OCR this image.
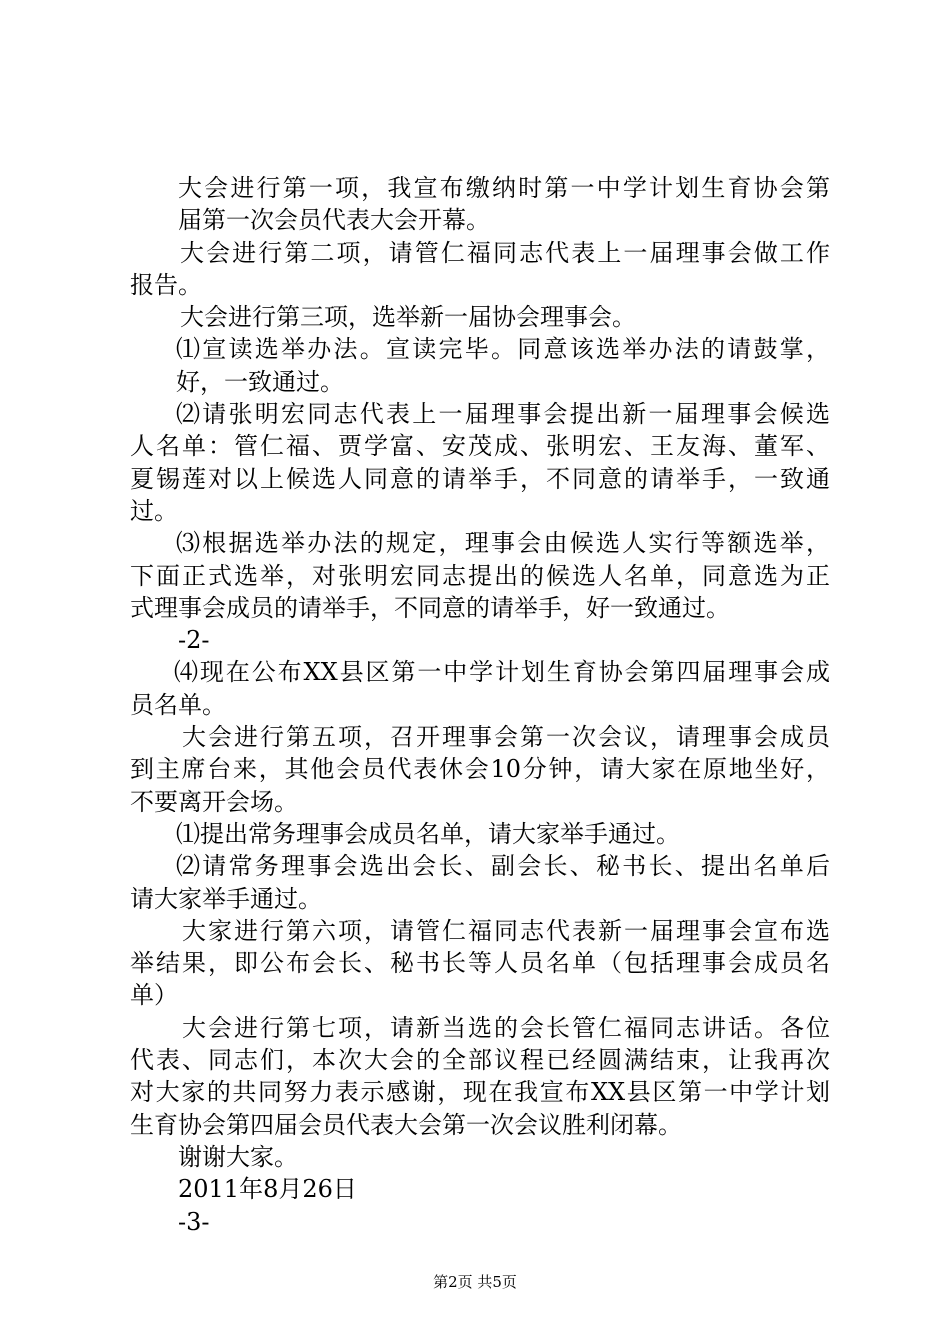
大会进行第一项，我宣布缴纳时第一中学计划生育协会第
届第一次会员代表大会开幕。
大会进行第二项，请管仁福同志代表上一届理事会做工作
报告。
大会进行第三项，选举新一届协会理事会。
⑴宣读选举办法。宣读完毕。同意该选举办法的请鼓掌，
好，一致通过。
⑵请张明宏同志代表上一届理事会提出新一届理事会候选
人名单：管仁福、贾学富、安茂成、张明宏、王友海、董军、
夏锡莲对以上候选人同意的请举手，不同意的请举手，一致通
过。
⑶根据选举办法的规定，理事会由候选人实行等额选举，
下面正式选举，对张明宏同志提出的候选人名单，同意选为正
式理事会成员的请举手，不同意的请举手，好一致通过。
-2-
⑷现在公布XX县区第一中学计划生育协会第四届理事会成
员名单。
大会进行第五项，召开理事会第一次会议，请理事会成员
到主席台来，其他会员代表休会10分钟，请大家在原地坐好，
不要离开会场。
⑴提出常务理事会成员名单，请大家举手通过。
⑵请常务理事会选出会长、副会长、秘书长、提出名单后
请大家举手通过。
大家进行第六项，请管仁福同志代表新一届理事会宣布选
举结果，即公布会长、秘书长等人员名单（包括理事会成员名
单）
大会进行第七项，请新当选的会长管仁福同志讲话。各位
代表、同志们，本次大会的全部议程已经圆满结束，让我再次
对大家的共同努力表示感谢，现在我宣布XX县区第一中学计划
生育协会第四届会员代表大会第一次会议胜利闭幕。
谢谢大家。
2011年8月26日
-3-
第2页 共5页
